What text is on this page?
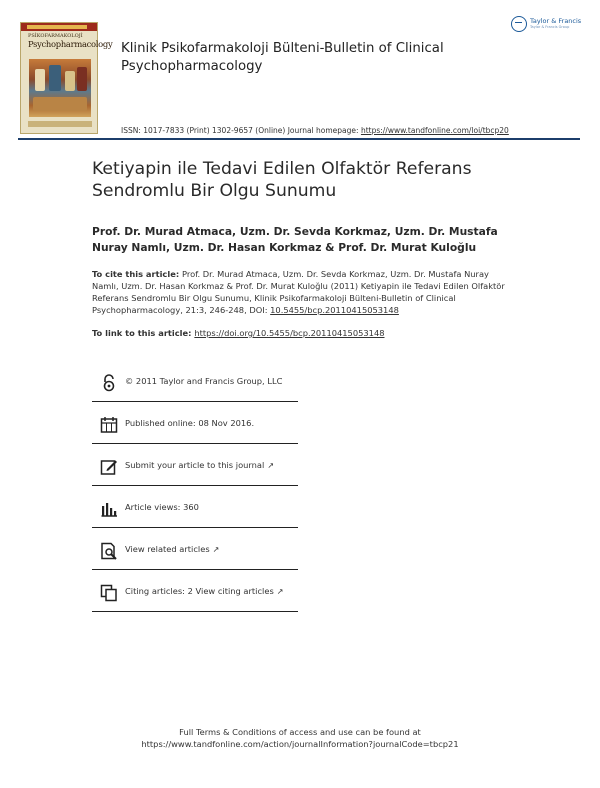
PSİKOFARMAKOLOJİ
Psychopharmacology Klinik Psikofarmakoloji Bülteni-Bulletin of Clinical Psychopharmacology
Taylor & Francis
Taylor & Francis Group
ISSN: 1017-7833 (Print) 1302-9657 (Online) Journal homepage: https://www.tandfonline.com/loi/tbcp20
Ketiyapin ile Tedavi Edilen Olfaktör Referans Sendromlu Bir Olgu Sunumu
Prof. Dr. Murad Atmaca, Uzm. Dr. Sevda Korkmaz, Uzm. Dr. Mustafa Nuray Namlı, Uzm. Dr. Hasan Korkmaz & Prof. Dr. Murat Kuloğlu
To cite this article: Prof. Dr. Murad Atmaca, Uzm. Dr. Sevda Korkmaz, Uzm. Dr. Mustafa Nuray Namlı, Uzm. Dr. Hasan Korkmaz & Prof. Dr. Murat Kuloğlu (2011) Ketiyapin ile Tedavi Edilen Olfaktör Referans Sendromlu Bir Olgu Sunumu, Klinik Psikofarmakoloji Bülteni-Bulletin of Clinical Psychopharmacology, 21:3, 246-248, DOI: 10.5455/bcp.20110415053148
To link to this article: https://doi.org/10.5455/bcp.20110415053148
© 2011 Taylor and Francis Group, LLC
Published online: 08 Nov 2016.
Submit your article to this journal ↗
Article views: 360
View related articles ↗
Citing articles: 2 View citing articles ↗
Full Terms & Conditions of access and use can be found at
https://www.tandfonline.com/action/journalInformation?journalCode=tbcp21
